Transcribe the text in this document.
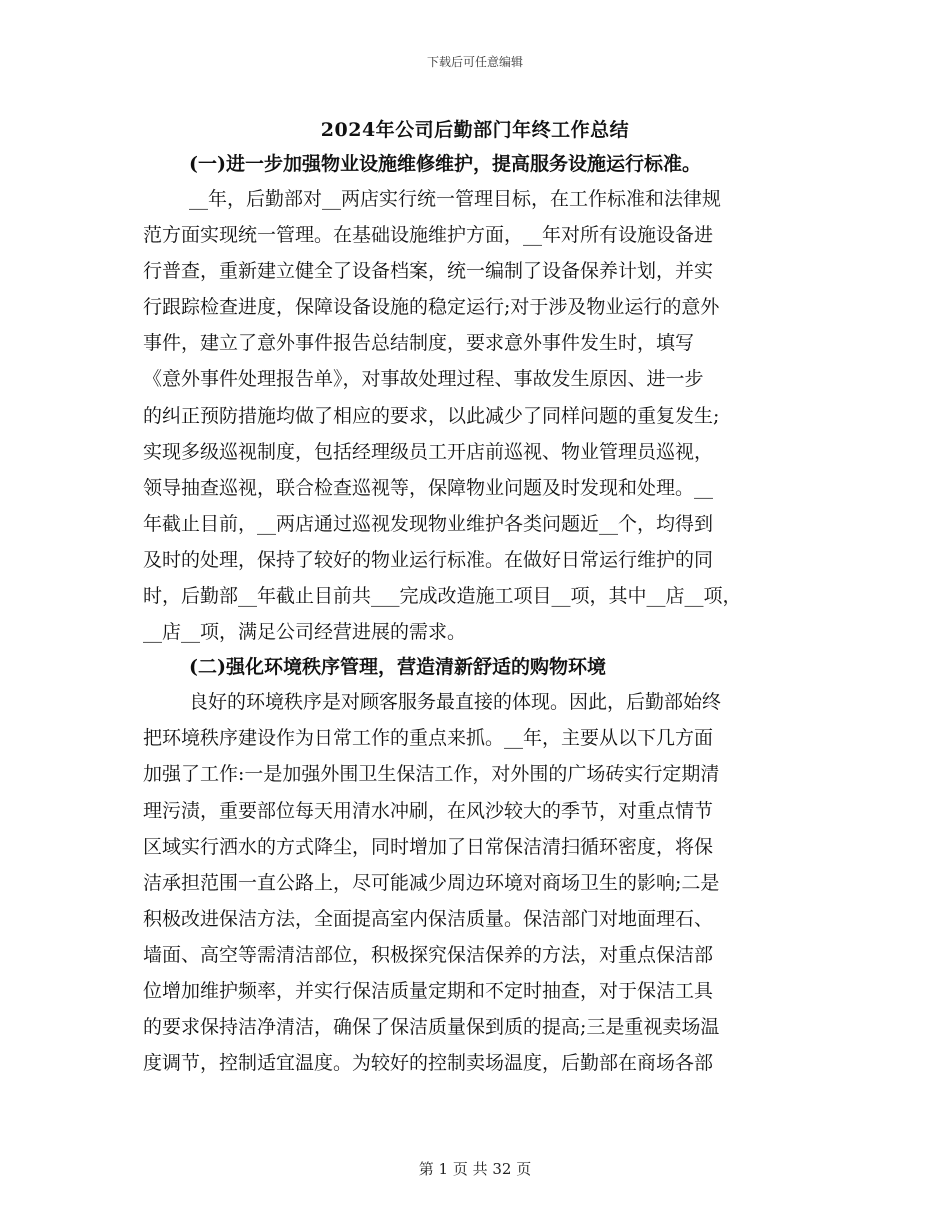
下载后可任意编辑
2024年公司后勤部门年终工作总结
(一)进一步加强物业设施维修维护，提高服务设施运行标准。
__年，后勤部对__两店实行统一管理目标，在工作标准和法律规
范方面实现统一管理。在基础设施维护方面，__年对所有设施设备进
行普查，重新建立健全了设备档案，统一编制了设备保养计划，并实
行跟踪检查进度，保障设备设施的稳定运行;对于涉及物业运行的意外
事件，建立了意外事件报告总结制度，要求意外事件发生时，填写
《意外事件处理报告单》，对事故处理过程、事故发生原因、进一步
的纠正预防措施均做了相应的要求，以此减少了同样问题的重复发生;
实现多级巡视制度，包括经理级员工开店前巡视、物业管理员巡视，
领导抽查巡视，联合检查巡视等，保障物业问题及时发现和处理。__
年截止目前，__两店通过巡视发现物业维护各类问题近__个，均得到
及时的处理，保持了较好的物业运行标准。在做好日常运行维护的同
时，后勤部__年截止目前共___完成改造施工项目__项，其中__店__项，
__店__项，满足公司经营进展的需求。
(二)强化环境秩序管理，营造清新舒适的购物环境
良好的环境秩序是对顾客服务最直接的体现。因此，后勤部始终
把环境秩序建设作为日常工作的重点来抓。__年，主要从以下几方面
加强了工作:一是加强外围卫生保洁工作，对外围的广场砖实行定期清
理污渍，重要部位每天用清水冲刷，在风沙较大的季节，对重点情节
区域实行洒水的方式降尘，同时增加了日常保洁清扫循环密度，将保
洁承担范围一直公路上，尽可能减少周边环境对商场卫生的影响;二是
积极改进保洁方法，全面提高室内保洁质量。保洁部门对地面理石、
墙面、高空等需清洁部位，积极探究保洁保养的方法，对重点保洁部
位增加维护频率，并实行保洁质量定期和不定时抽查，对于保洁工具
的要求保持洁净清洁，确保了保洁质量保到质的提高;三是重视卖场温
度调节，控制适宜温度。为较好的控制卖场温度，后勤部在商场各部
第 1 页 共 32 页
